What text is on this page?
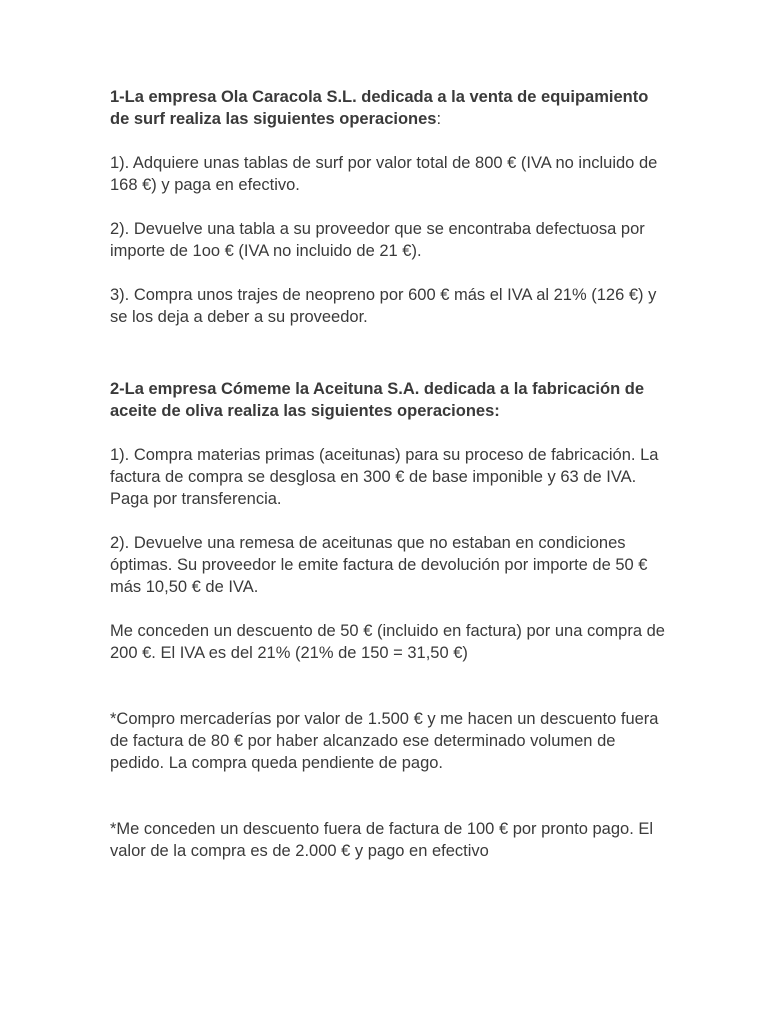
1-La empresa Ola Caracola S.L. dedicada a la venta de equipamiento de surf realiza las siguientes operaciones:

1). Adquiere unas tablas de surf por valor total de 800 € (IVA no incluido de 168 €) y paga en efectivo.

2). Devuelve una tabla a su proveedor que se encontraba defectuosa por importe de 1oo € (IVA no incluido de 21 €).

3). Compra unos trajes de neopreno por 600 € más el IVA al 21% (126 €) y se los deja a deber a su proveedor.

2-La empresa Cómeme la Aceituna S.A. dedicada a la fabricación de aceite de oliva realiza las siguientes operaciones:

1). Compra materias primas (aceitunas) para su proceso de fabricación. La factura de compra se desglosa en 300 € de base imponible y 63 de IVA. Paga por transferencia.

2). Devuelve una remesa de aceitunas que no estaban en condiciones óptimas. Su proveedor le emite factura de devolución por importe de 50 € más 10,50 € de IVA.

Me conceden un descuento de 50 € (incluido en factura) por una compra de 200 €. El IVA es del 21% (21% de 150 = 31,50 €)

*Compro mercaderías por valor de 1.500 € y me hacen un descuento fuera de factura de 80 € por haber alcanzado ese determinado volumen de pedido. La compra queda pendiente de pago.

*Me conceden un descuento fuera de factura de 100 € por pronto pago. El valor de la compra es de 2.000 € y pago en efectivo
